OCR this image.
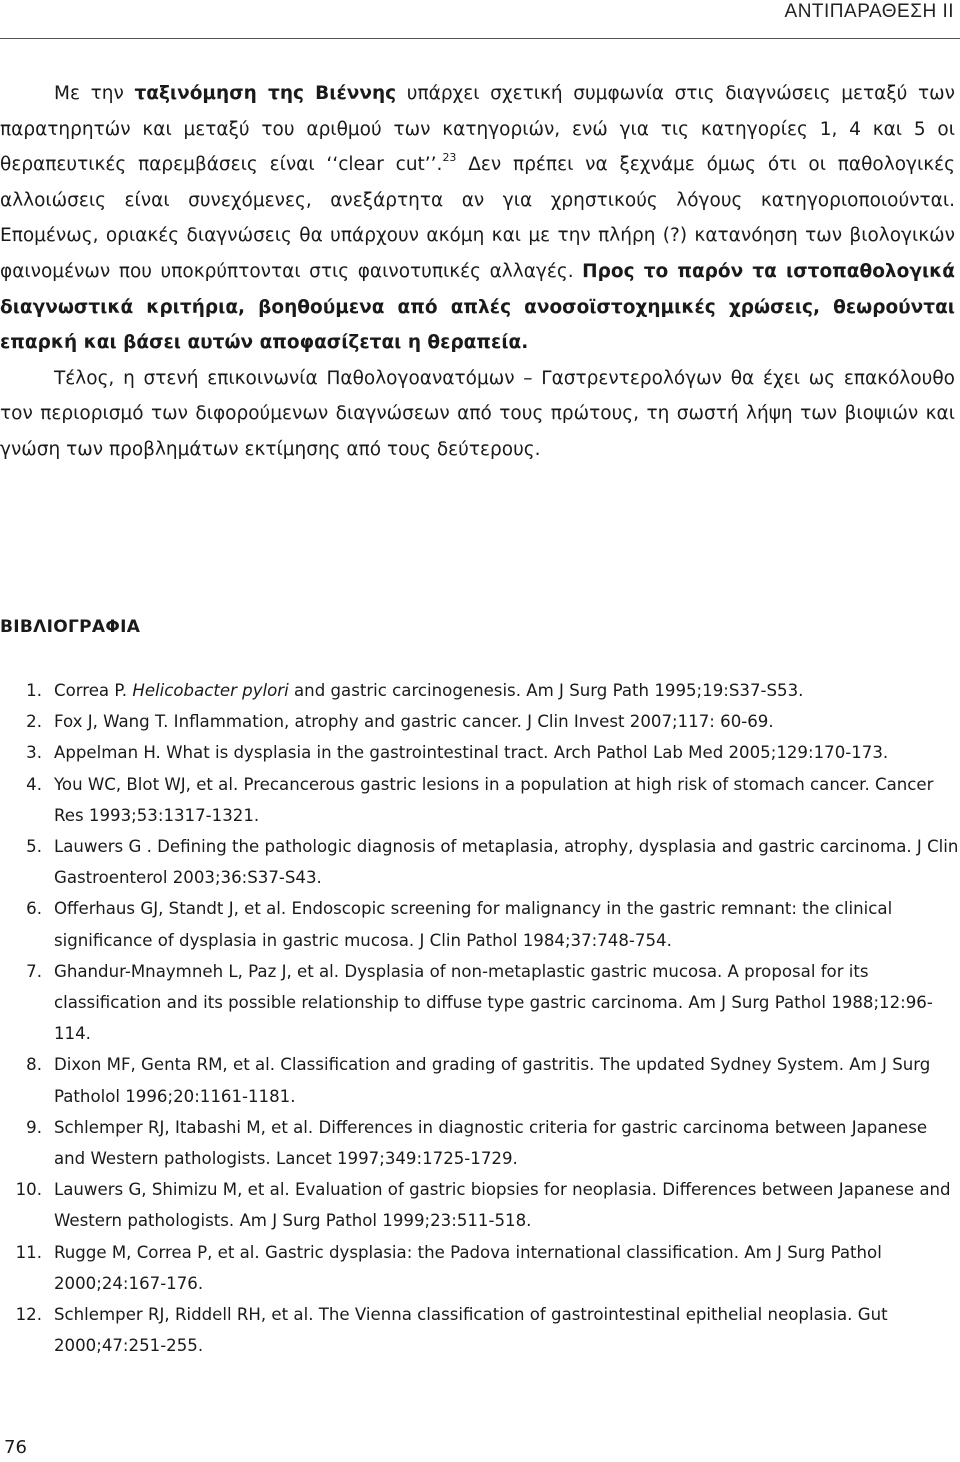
ΑΝΤΙΠΑΡΑΘΕΣΗ ΙΙ

Με την ταξινόμηση της Βιέννης υπάρχει σχετική συμφωνία στις διαγνώσεις μεταξύ των παρατηρητών και μεταξύ του αριθμού των κατηγοριών, ενώ για τις κατηγορίες 1, 4 και 5 οι θεραπευτικές παρεμβάσεις είναι ‘‘clear cut’’.$^{23}$ Δεν πρέπει να ξεχνάμε όμως ότι οι παθολογικές αλλοιώσεις είναι συνεχόμενες, ανεξάρτητα αν για χρηστικούς λόγους κατηγοριοποιούνται. Επομένως, οριακές διαγνώσεις θα υπάρχουν ακόμη και με την πλήρη (?) κατανόηση των βιολογικών φαινομένων που υποκρύπτονται στις φαινοτυπικές αλλαγές. Προς το παρόν τα ιστοπαθολογικά διαγνωστικά κριτήρια, βοηθούμενα από απλές ανοσοϊστοχημικές χρώσεις, θεωρούνται επαρκή και βάσει αυτών αποφασίζεται η θεραπεία.

Τέλος, η στενή επικοινωνία Παθολογοανατόμων – Γαστρεντερολόγων θα έχει ως επακόλουθο τον περιορισμό των διφορούμενων διαγνώσεων από τους πρώτους, τη σωστή λήψη των βιοψιών και γνώση των προβλημάτων εκτίμησης από τους δεύτερους.

ΒΙΒΛΙΟΓΡΑΦΙΑ
1. Correa P. Helicobacter pylori and gastric carcinogenesis. Am J Surg Path 1995;19:S37-S53.
2. Fox J, Wang T. Inflammation, atrophy and gastric cancer. J Clin Invest 2007;117: 60-69.
3. Appelman H. What is dysplasia in the gastrointestinal tract. Arch Pathol Lab Med 2005;129:170-173.
4. You WC, Blot WJ, et al. Precancerous gastric lesions in a population at high risk of stomach cancer. Cancer Res 1993;53:1317-1321.
5. Lauwers G . Defining the pathologic diagnosis of metaplasia, atrophy, dysplasia and gastric carcinoma. J Clin Gastroenterol 2003;36:S37-S43.
6. Offerhaus GJ, Standt J, et al. Endoscopic screening for malignancy in the gastric remnant: the clinical significance of dysplasia in gastric mucosa. J Clin Pathol 1984;37:748-754.
7. Ghandur-Mnaymneh L, Paz J, et al. Dysplasia of non-metaplastic gastric mucosa. A proposal for its classification and its possible relationship to diffuse type gastric carcinoma. Am J Surg Pathol 1988;12:96-114.
8. Dixon MF, Genta RM, et al. Classification and grading of gastritis. The updated Sydney System. Am J Surg Patholol 1996;20:1161-1181.
9. Schlemper RJ, Itabashi M, et al. Differences in diagnostic criteria for gastric carcinoma between Japanese and Western pathologists. Lancet 1997;349:1725-1729.
10. Lauwers G, Shimizu M, et al. Evaluation of gastric biopsies for neoplasia. Differences between Japanese and Western pathologists. Am J Surg Pathol 1999;23:511-518.
11. Rugge M, Correa P, et al. Gastric dysplasia: the Padova international classification. Am J Surg Pathol 2000;24:167-176.
12. Schlemper RJ, Riddell RH, et al. The Vienna classification of gastrointestinal epithelial neoplasia. Gut 2000;47:251-255.
76
